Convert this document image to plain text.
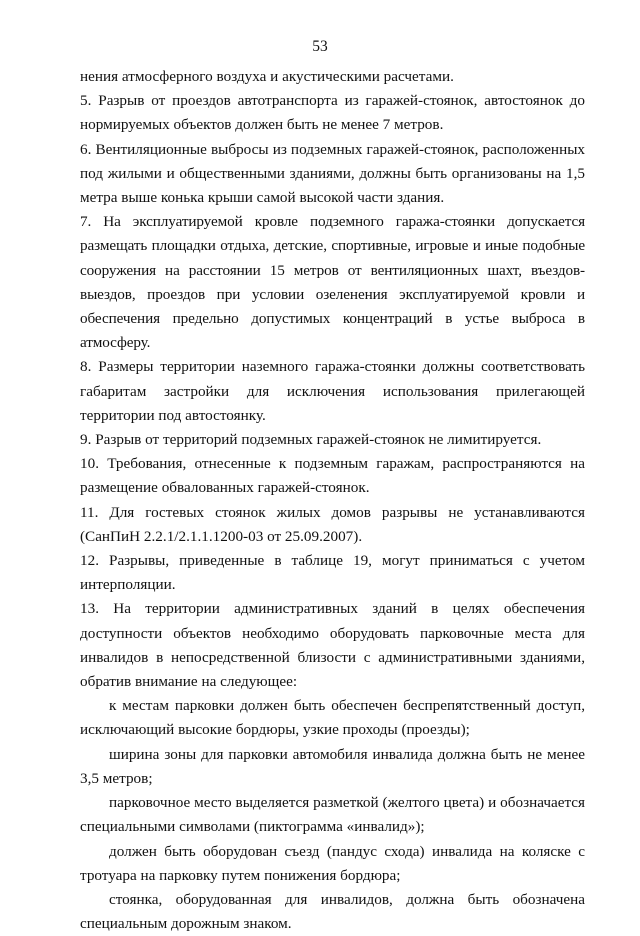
53

нения атмосферного воздуха и акустическими расчетами.

5. Разрыв от проездов автотранспорта из гаражей-стоянок, автостоянок до нормируемых объектов должен быть не менее 7 метров.

6. Вентиляционные выбросы из подземных гаражей-стоянок, расположенных под жилыми и общественными зданиями, должны быть организованы на 1,5 метра выше конька крыши самой высокой части здания.

7. На эксплуатируемой кровле подземного гаража-стоянки допускается размещать площадки отдыха, детские, спортивные, игровые и иные подобные сооружения на расстоянии 15 метров от вентиляционных шахт, въездов-выездов, проездов при условии озеленения эксплуатируемой кровли и обеспечения предельно допустимых концентраций в устье выброса в атмосферу.

8. Размеры территории наземного гаража-стоянки должны соответствовать габаритам застройки для исключения использования прилегающей территории под автостоянку.

9. Разрыв от территорий подземных гаражей-стоянок не лимитируется.

10. Требования, отнесенные к подземным гаражам, распространяются на размещение обвалованных гаражей-стоянок.

11. Для гостевых стоянок жилых домов разрывы не устанавливаются (СанПиН 2.2.1/2.1.1.1200-03 от 25.09.2007).

12. Разрывы, приведенные в таблице 19, могут приниматься с учетом интерполяции.

13. На территории административных зданий в целях обеспечения доступности объектов необходимо оборудовать парковочные места для инвалидов в непосредственной близости с административными зданиями, обратив внимание на следующее:

к местам парковки должен быть обеспечен беспрепятственный доступ, исключающий высокие бордюры, узкие проходы (проезды);

ширина зоны для парковки автомобиля инвалида должна быть не менее 3,5 метров;

парковочное место выделяется разметкой (желтого цвета) и обозначается специальными символами (пиктограмма «инвалид»);

должен быть оборудован съезд (пандус схода) инвалида на коляске с тротуара на парковку путем понижения бордюра;

стоянка, оборудованная для инвалидов, должна быть обозначена специальным дорожным знаком.
